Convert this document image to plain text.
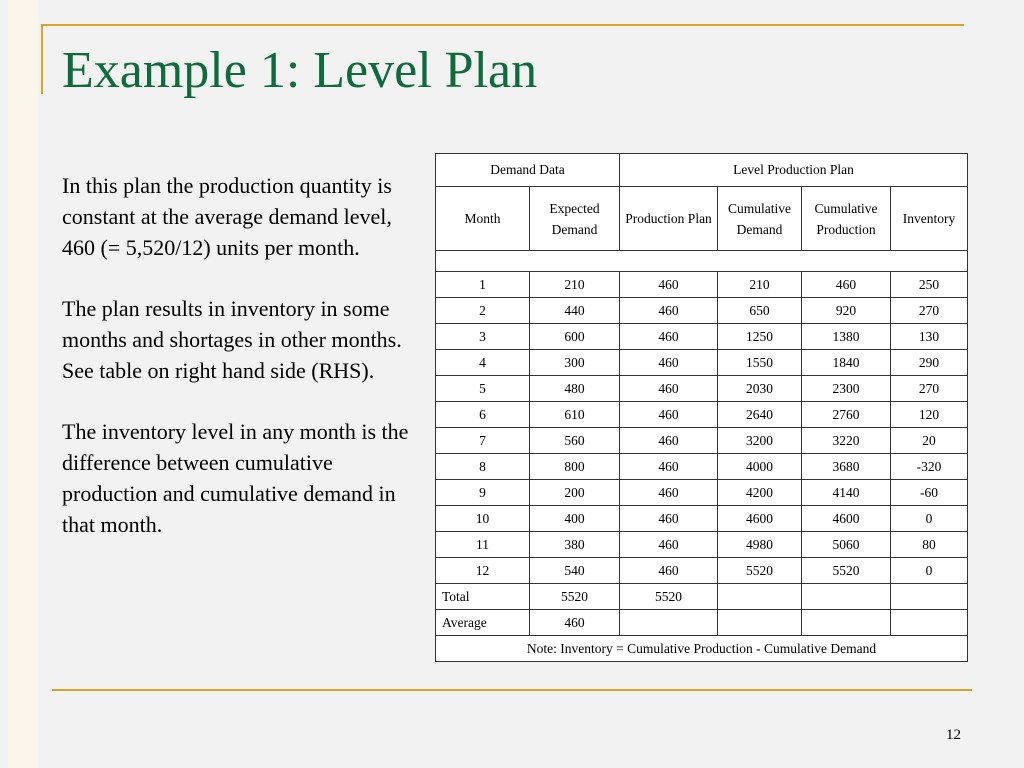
Example 1: Level Plan

In this plan the production quantity is constant at the average demand level, 460 (= 5,520/12) units per month.

The plan results in inventory in some months and shortages in other months. See table on right hand side (RHS).

The inventory level in any month is the difference between cumulative production and cumulative demand in that month.

Demand Data		Level Production Plan			
Month	Expected Demand	Production Plan	Cumulative Demand	Cumulative Production	Inventory

1	210	460	210	460	250
2	440	460	650	920	270
3	600	460	1250	1380	130
4	300	460	1550	1840	290
5	480	460	2030	2300	270
6	610	460	2640	2760	120
7	560	460	3200	3220	20
8	800	460	4000	3680	-320
9	200	460	4200	4140	-60
10	400	460	4600	4600	0
11	380	460	4980	5060	80
12	540	460	5520	5520	0
Total	5520	5520			
Average	460				
Note: Inventory = Cumulative Production - Cumulative Demand					
12
